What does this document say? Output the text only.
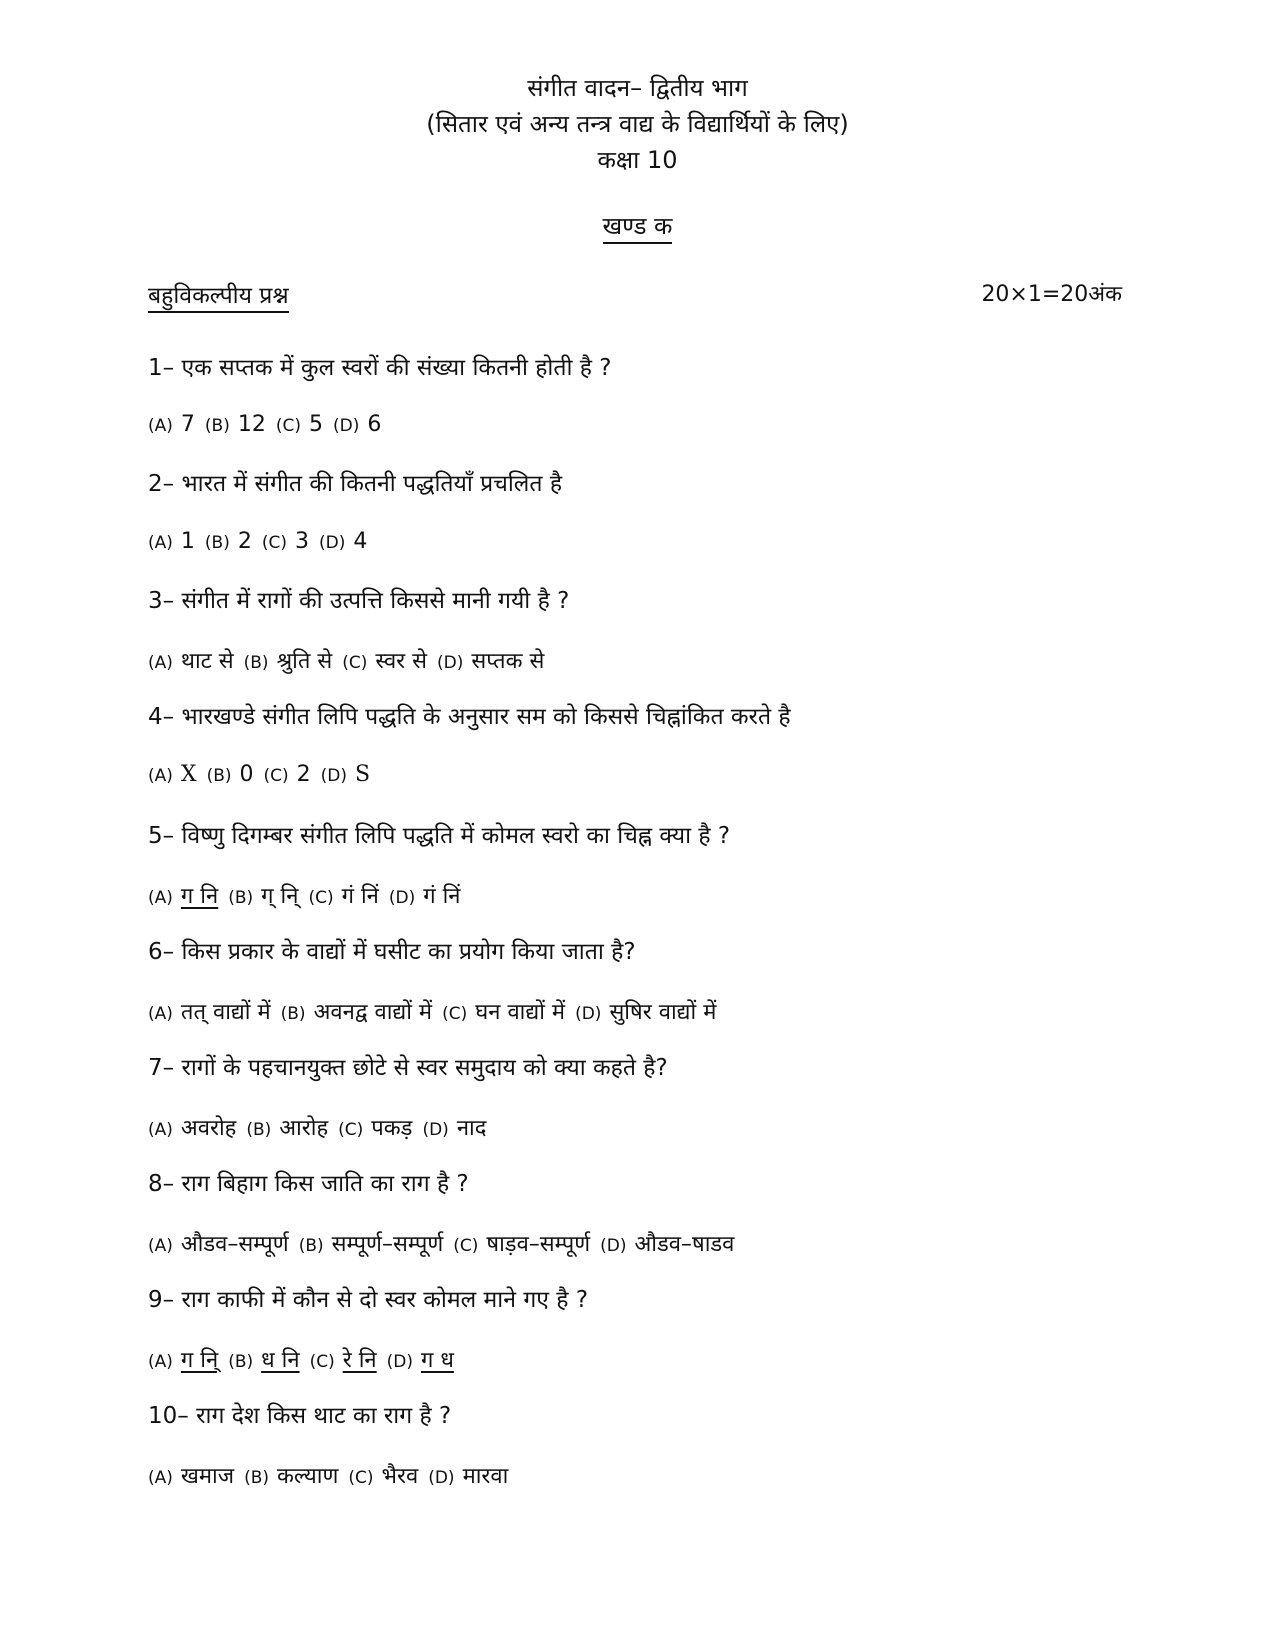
संगीत वादन– द्वितीय भाग
(सितार एवं अन्य तन्त्र वाद्य के विद्यार्थियों के लिए)
कक्षा 10
खण्ड क
बहुविकल्पीय प्रश्न	20×1=20अंक
1– एक सप्तक में कुल स्वरों की संख्या कितनी होती है ?
(A) 7 (B) 12 (C) 5 (D) 6
2– भारत में संगीत की कितनी पद्धतियाँ प्रचलित है
(A) 1 (B) 2 (C) 3 (D) 4
3– संगीत में रागों की उत्पत्ति किससे मानी गयी है ?
(A) थाट से (B) श्रुति से (C) स्वर से (D) सप्तक से
4– भारखण्डे संगीत लिपि पद्धति के अनुसार सम को किससे चिह्नांकित करते है
(A) X (B) 0 (C) 2 (D) S
5– विष्णु दिगम्बर संगीत लिपि पद्धति में कोमल स्वरो का चिह्न क्या है ?
(A) ग नि (B) ग् नि् (C) गं निं (D) गं निं
6– किस प्रकार के वाद्यों में घसीट का प्रयोग किया जाता है?
(A) तत् वाद्यों में (B) अवनद्व वाद्यों में (C) घन वाद्यों में (D) सुषिर वाद्यों में
7– रागों के पहचानयुक्त छोटे से स्वर समुदाय को क्या कहते है?
(A) अवरोह (B) आरोह (C) पकड़ (D) नाद
8– राग बिहाग किस जाति का राग है ?
(A) औडव–सम्पूर्ण (B) सम्पूर्ण–सम्पूर्ण (C) षाड़व–सम्पूर्ण (D) औडव–षाडव
9– राग काफी में कौन से दो स्वर कोमल माने गए है ?
(A) ग नि् (B) ध नि (C) रे नि (D) ग ध
10– राग देश किस थाट का राग है ?
(A) खमाज (B) कल्याण (C) भैरव (D) मारवा
